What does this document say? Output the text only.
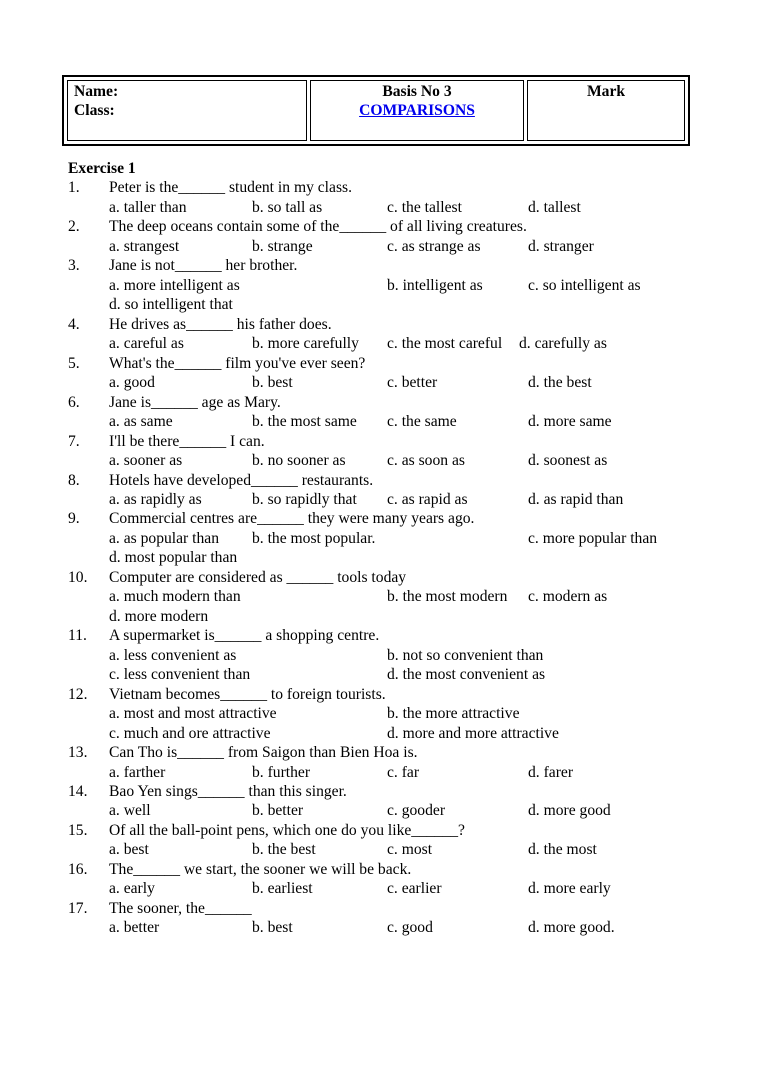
Name:
Class:

Basis No 3
COMPARISONS

Mark
Exercise 1
1.	Peter is the______ student in my class.
a. taller than	b. so tall as	c. the tallest	d. tallest
2.	The deep oceans contain some of the______ of all living creatures.
a. strangest	b. strange	c. as strange as	d. stranger
3.	Jane is not______ her brother.
a. more intelligent as	b. intelligent as	c. so intelligent as
d. so intelligent that
4.	He drives as______ his father does.
a. careful as	b. more carefully c. the most careful d. carefully as
5.	What's the______ film you've ever seen?
a. good	b. best	c. better	d. the best
6.	Jane is______ age as Mary.
a. as same	b. the most same c. the same	d. more same
7.	I'll be there______ I can.
a. sooner as	b. no sooner as	c. as soon as	d. soonest as
8.	Hotels have developed______ restaurants.
a. as rapidly as	b. so rapidly that c. as rapid as	d. as rapid than
9.	Commercial centres are______ they were many years ago.
a. as popular than b. the most popular.	c. more popular than
d. most popular than
10.	Computer are considered as ______ tools today
a. much modern than	b. the most modern c. modern as
d. more modern
11.	A supermarket is______ a shopping centre.
a. less convenient as	b. not so convenient than
c. less convenient than	d. the most convenient as
12.	Vietnam becomes______ to foreign tourists.
a. most and most attractive	b. the more attractive
c. much and ore attractive	d. more and more attractive
13.	Can Tho is______ from Saigon than Bien Hoa is.
a. farther	b. further	c. far	d. farer
14.	Bao Yen sings______ than this singer.
a. well	b. better	c. gooder	d. more good
15.	Of all the ball-point pens, which one do you like______?
a. best	b. the best	c. most	d. the most
16.	The______ we start, the sooner we will be back.
a. early	b. earliest	c. earlier	d. more early
17.	The sooner, the______
a. better	b. best	c. good	d. more good.
